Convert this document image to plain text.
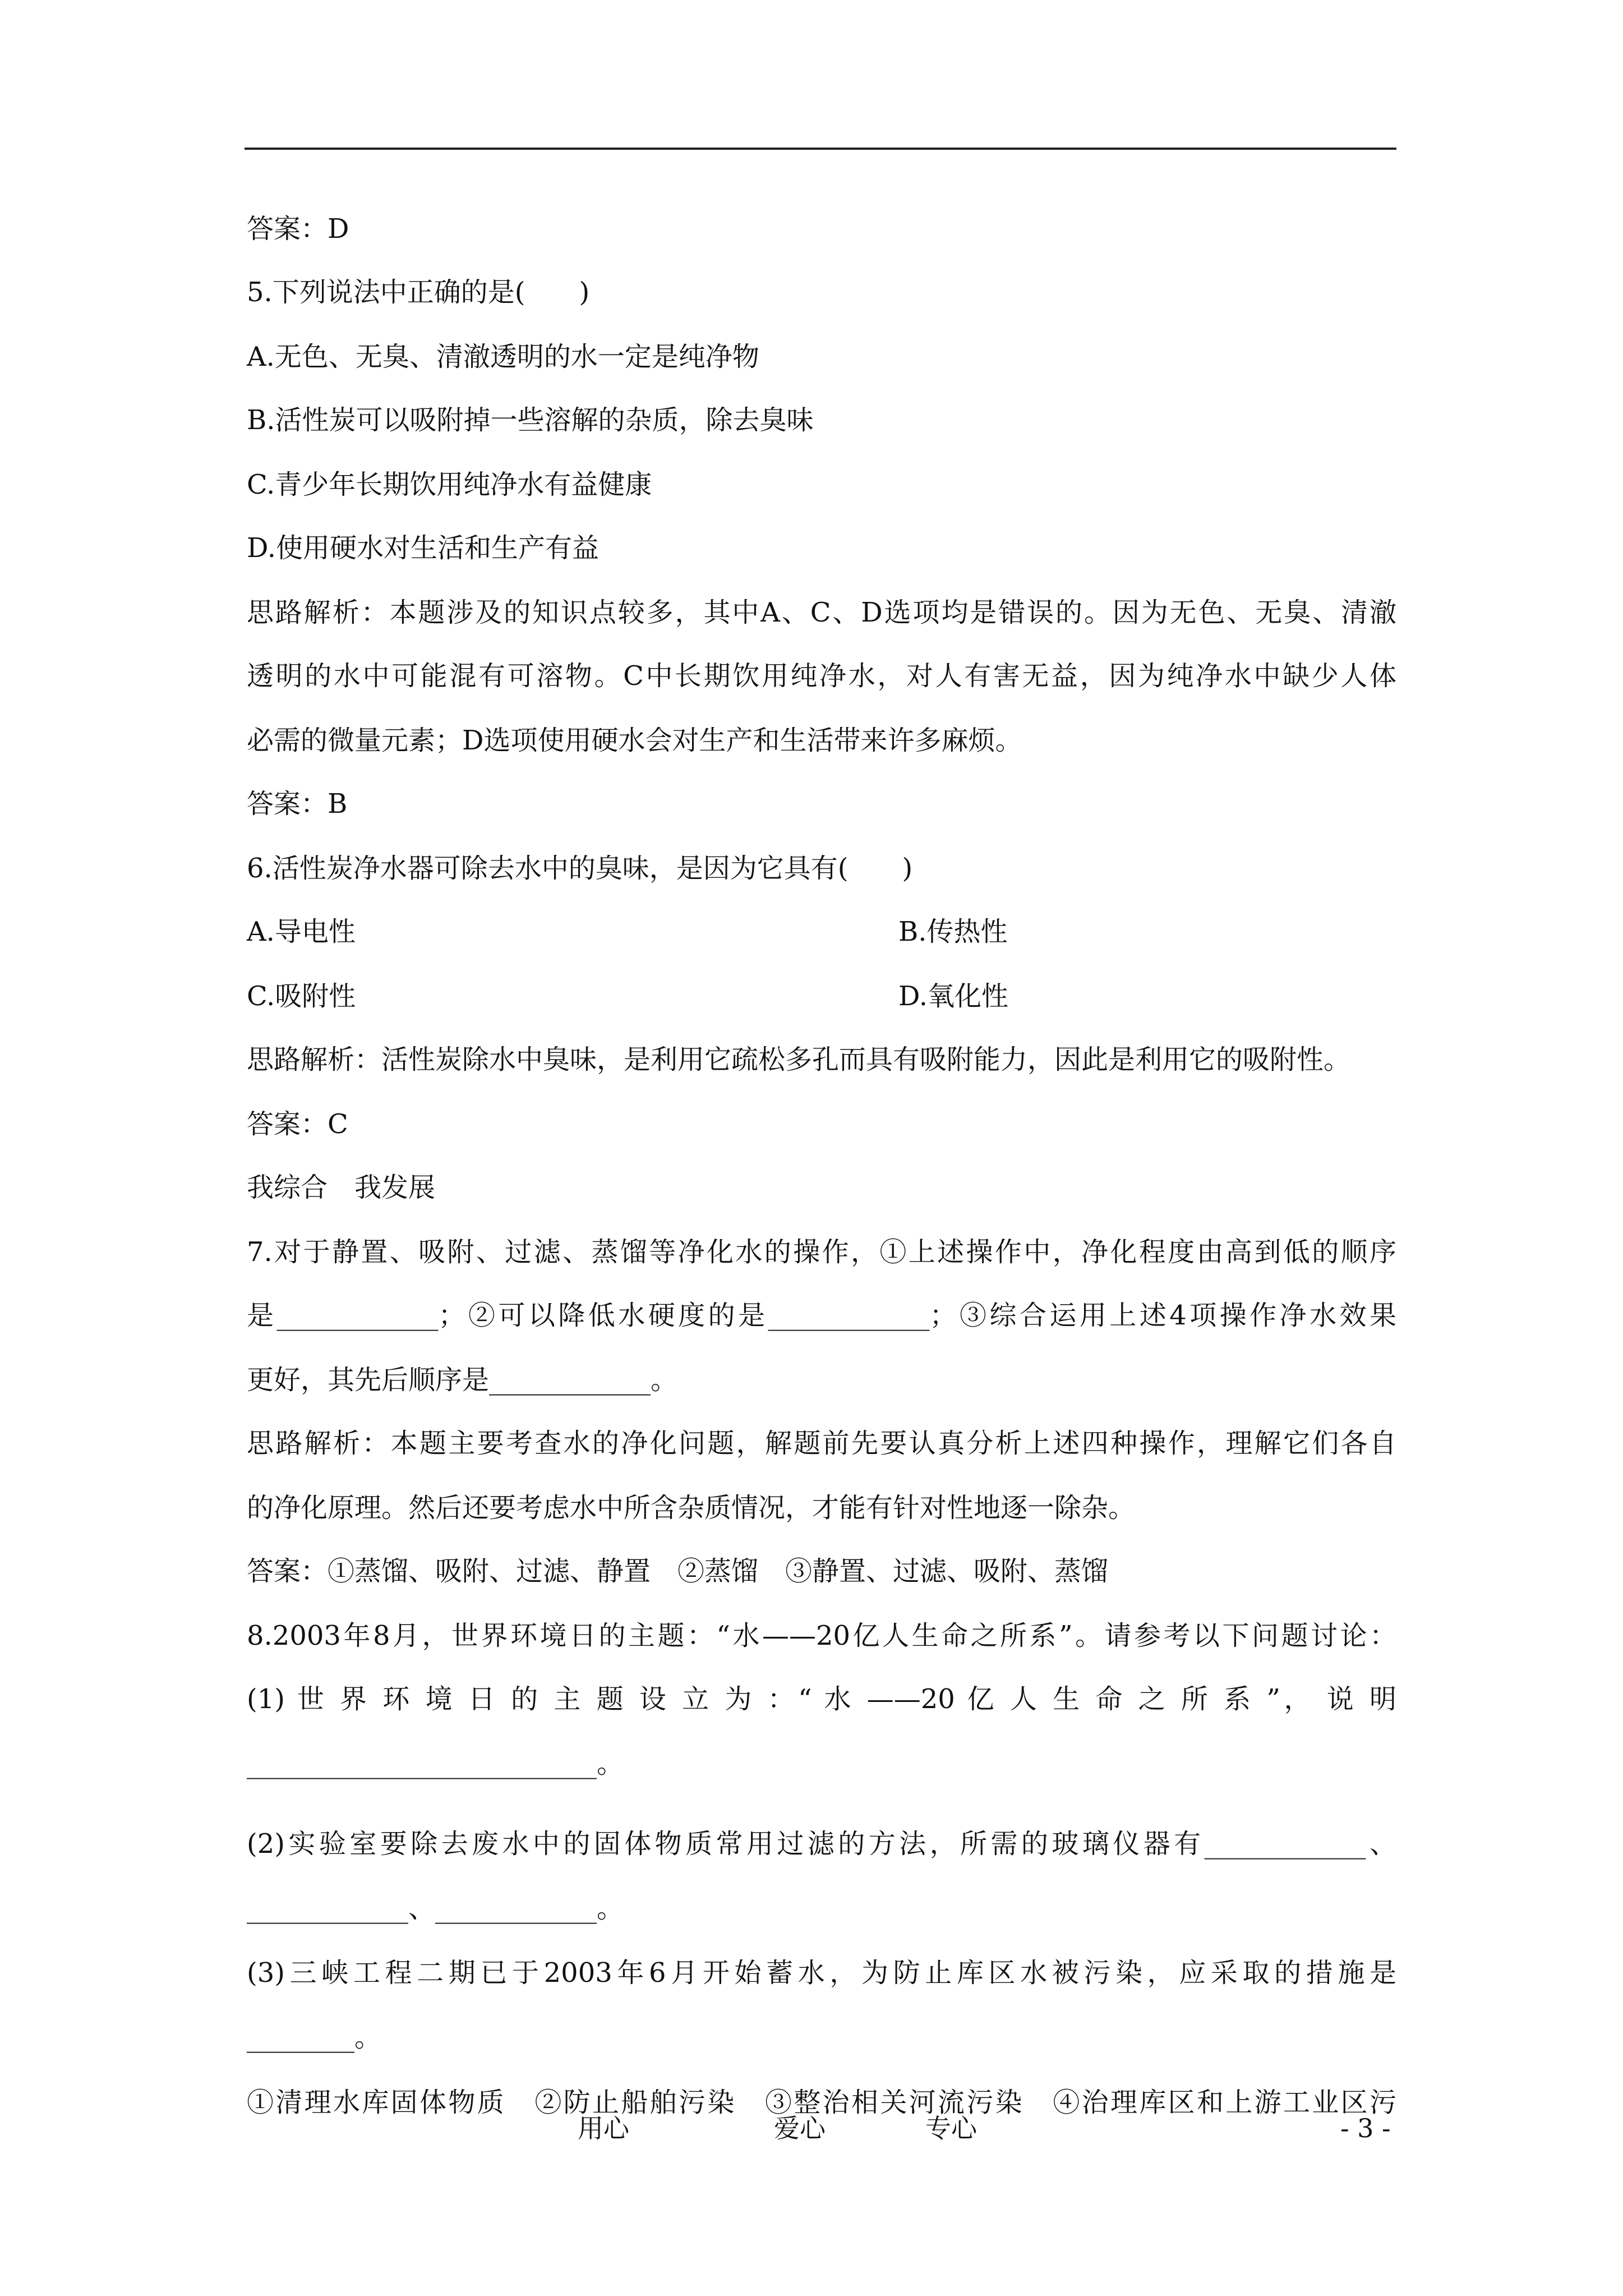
答案：D
5.下列说法中正确的是(　　)
A.无色、无臭、清澈透明的水一定是纯净物
B.活性炭可以吸附掉一些溶解的杂质，除去臭味
C.青少年长期饮用纯净水有益健康
D.使用硬水对生活和生产有益
思路解析：本题涉及的知识点较多，其中A、C、D选项均是错误的。因为无色、无臭、清澈
透明的水中可能混有可溶物。C中长期饮用纯净水，对人有害无益，因为纯净水中缺少人体
必需的微量元素；D选项使用硬水会对生产和生活带来许多麻烦。
答案：B
6.活性炭净水器可除去水中的臭味，是因为它具有(　　)
A.导电性	B.传热性
C.吸附性	D.氧化性
思路解析：活性炭除水中臭味，是利用它疏松多孔而具有吸附能力，因此是利用它的吸附性。
答案：C
我综合　我发展
7.对于静置、吸附、过滤、蒸馏等净化水的操作，①上述操作中，净化程度由高到低的顺序
是____________；②可以降低水硬度的是____________；③综合运用上述4项操作净水效果
更好，其先后顺序是____________。
思路解析：本题主要考查水的净化问题，解题前先要认真分析上述四种操作，理解它们各自
的净化原理。然后还要考虑水中所含杂质情况，才能有针对性地逐一除杂。
答案：①蒸馏、吸附、过滤、静置　②蒸馏　③静置、过滤、吸附、蒸馏
8.2003年8月，世界环境日的主题：“水——20亿人生命之所系”。请参考以下问题讨论：
(1) 世 界 环 境 日 的 主 题 设 立 为 ：“ 水 ——20 亿 人 生 命 之 所 系 ”， 说 明
__________________________。
(2)实验室要除去废水中的固体物质常用过滤的方法，所需的玻璃仪器有____________、
____________、____________。
(3)三峡工程二期已于2003年6月开始蓄水，为防止库区水被污染，应采取的措施是
________。
①清理水库固体物质　②防止船舶污染　③整治相关河流污染　④治理库区和上游工业区污
用心	爱心	专心	- 3 -
